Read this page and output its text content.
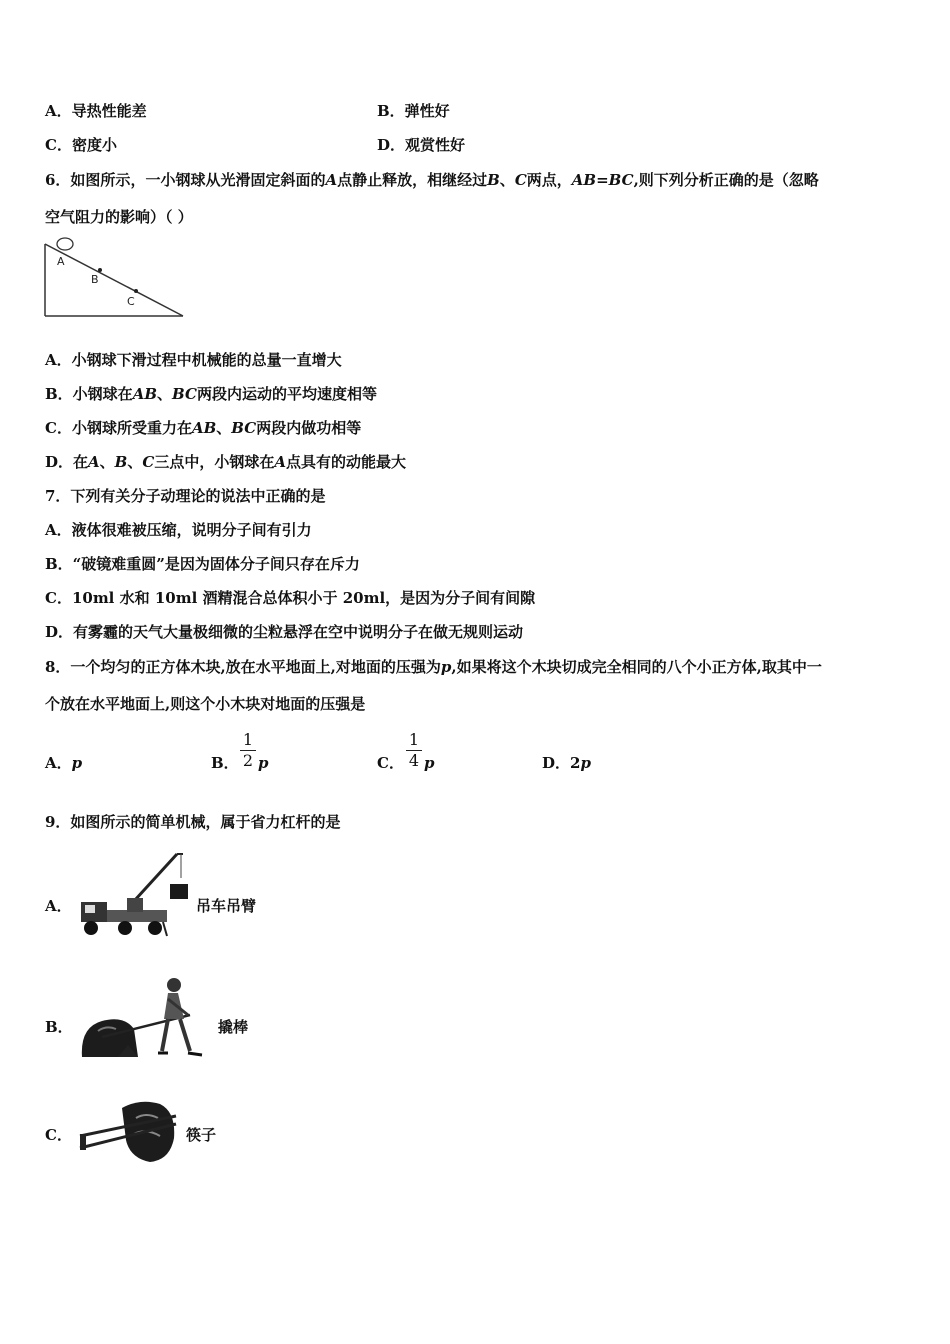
A．导热性能差	B．弹性好
C．密度小	D．观赏性好
6．如图所示，一小钢球从光滑固定斜面的A点静止释放，相继经过B、C两点，AB=BC,则下列分析正确的是（忽略
空气阻力的影响）（ ）
A
B
C
A．小钢球下滑过程中机械能的总量一直增大
B．小钢球在AB、BC两段内运动的平均速度相等
C．小钢球所受重力在AB、BC两段内做功相等
D．在A、B、C三点中，小钢球在A点具有的动能最大
7．下列有关分子动理论的说法中正确的是
A．液体很难被压缩，说明分子间有引力
B．“破镜难重圆”是因为固体分子间只存在斥力
C．10ml 水和 10ml 酒精混合总体积小于 20ml，是因为分子间有间隙
D．有雾霾的天气大量极细微的尘粒悬浮在空中说明分子在做无规则运动
8．一个均匀的正方体木块,放在水平地面上,对地面的压强为p,如果将这个木块切成完全相同的八个小正方体,取其中一
个放在水平地面上,则这个小木块对地面的压强是
A．p	B．
1
2 p	C．
1
4 p	D．2p
9．如图所示的简单机械，属于省力杠杆的是
A．	吊车吊臂
B．	撬棒
C．	筷子
